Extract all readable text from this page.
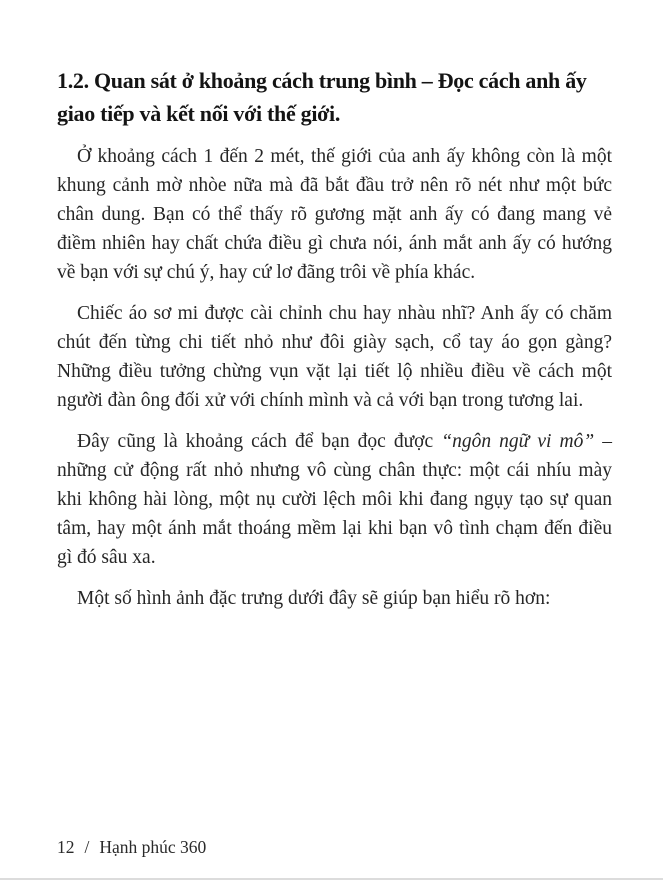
1.2. Quan sát ở khoảng cách trung bình – Đọc cách anh ấy giao tiếp và kết nối với thế giới.

Ở khoảng cách 1 đến 2 mét, thế giới của anh ấy không còn là một khung cảnh mờ nhòe nữa mà đã bắt đầu trở nên rõ nét như một bức chân dung. Bạn có thể thấy rõ gương mặt anh ấy có đang mang vẻ điềm nhiên hay chất chứa điều gì chưa nói, ánh mắt anh ấy có hướng về bạn với sự chú ý, hay cứ lơ đãng trôi về phía khác.

Chiếc áo sơ mi được cài chỉnh chu hay nhàu nhĩ? Anh ấy có chăm chút đến từng chi tiết nhỏ như đôi giày sạch, cổ tay áo gọn gàng? Những điều tưởng chừng vụn vặt lại tiết lộ nhiều điều về cách một người đàn ông đối xử với chính mình và cả với bạn trong tương lai.

Đây cũng là khoảng cách để bạn đọc được “ngôn ngữ vi mô” – những cử động rất nhỏ nhưng vô cùng chân thực: một cái nhíu mày khi không hài lòng, một nụ cười lệch môi khi đang ngụy tạo sự quan tâm, hay một ánh mắt thoáng mềm lại khi bạn vô tình chạm đến điều gì đó sâu xa.

Một số hình ảnh đặc trưng dưới đây sẽ giúp bạn hiểu rõ hơn:

12 / Hạnh phúc 360
